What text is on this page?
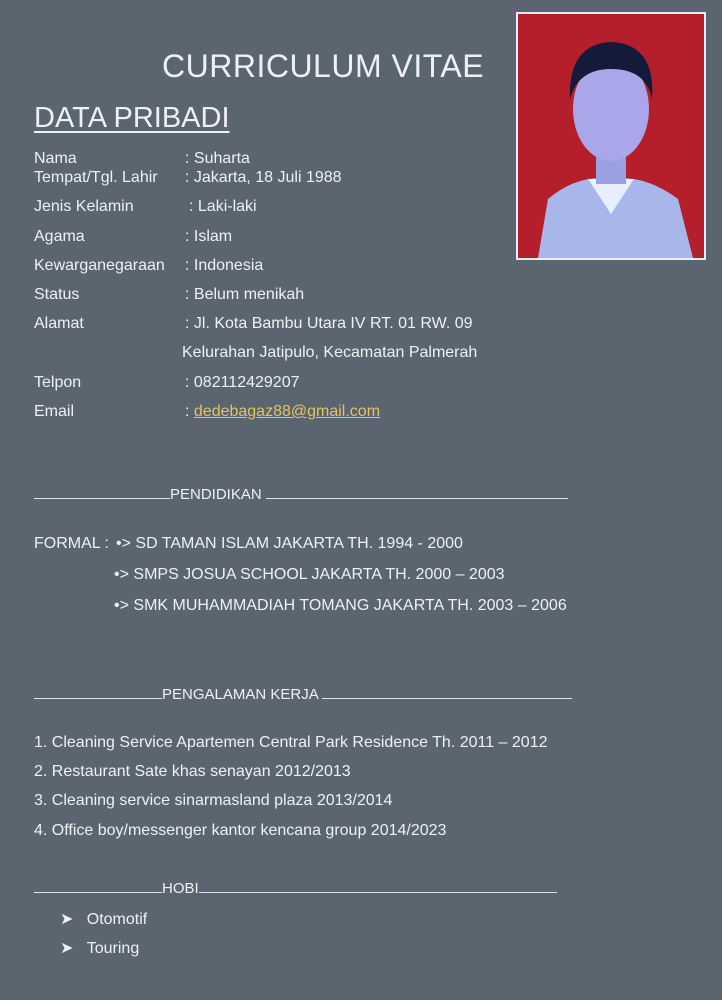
CURRICULUM VITAE
DATA PRIBADI
Nama	: Suharta
Tempat/Tgl. Lahir : Jakarta, 18 Juli 1988
Jenis Kelamin	: Laki-laki
Agama	: Islam
Kewarganegaraan : Indonesia
Status	: Belum menikah
Alamat	: Jl. Kota Bambu Utara IV RT. 01 RW. 09
Kelurahan Jatipulo, Kecamatan Palmerah
Telpon	: 082112429207
Email	: dedebagaz88@gmail.com
PENDIDIKAN
FORMAL : •> SD TAMAN ISLAM JAKARTA TH. 1994 - 2000
•> SMPS JOSUA SCHOOL JAKARTA TH. 2000 – 2003
•> SMK MUHAMMADIAH TOMANG JAKARTA TH. 2003 – 2006
PENGALAMAN KERJA
1. Cleaning Service Apartemen Central Park Residence Th. 2011 – 2012
2. Restaurant Sate khas senayan 2012/2013
3. Cleaning service sinarmasland plaza 2013/2014
4. Office boy/messenger kantor kencana group 2014/2023
HOBI
➤ Otomotif
➤ Touring
